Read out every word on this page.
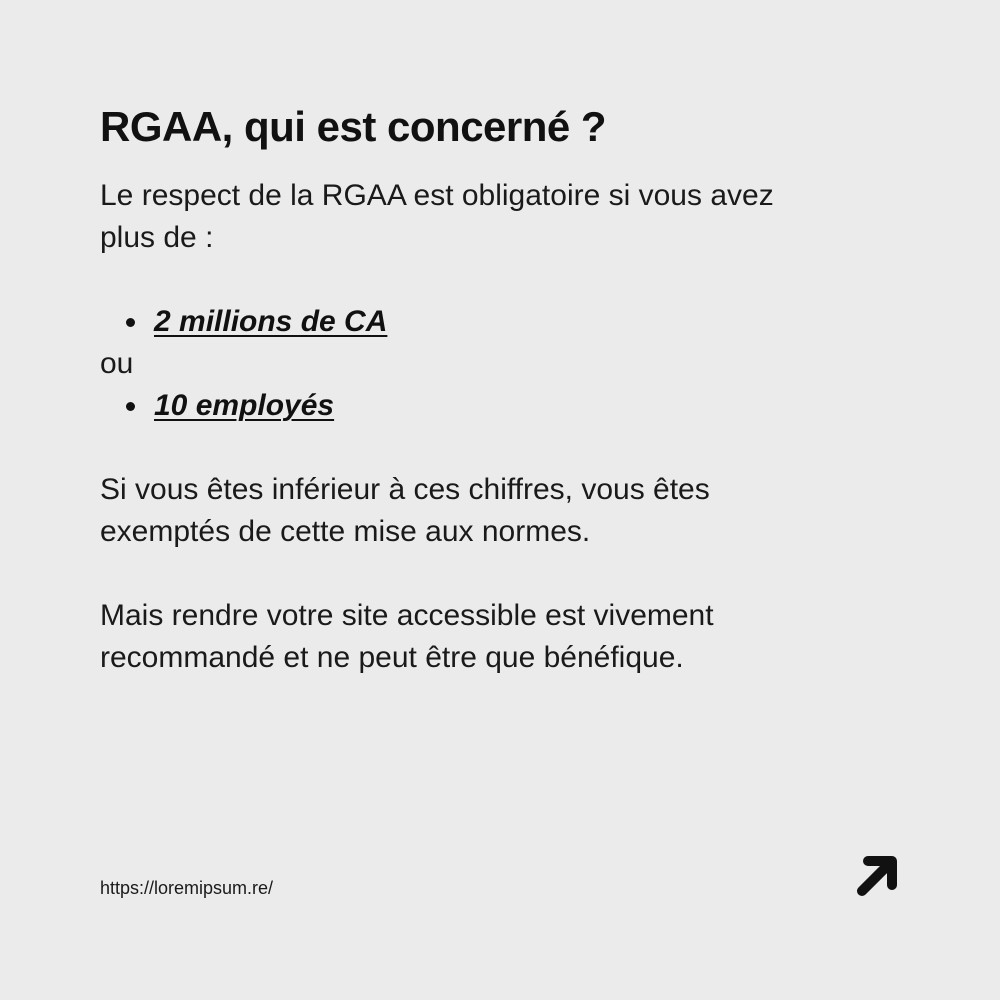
RGAA, qui est concerné ?

Le respect de la RGAA est obligatoire si vous avez
plus de :

2 millions de CA

ou

10 employés

Si vous êtes inférieur à ces chiffres, vous êtes
exemptés de cette mise aux normes.

Mais rendre votre site accessible est vivement
recommandé et ne peut être que bénéfique.

https://loremipsum.re/
